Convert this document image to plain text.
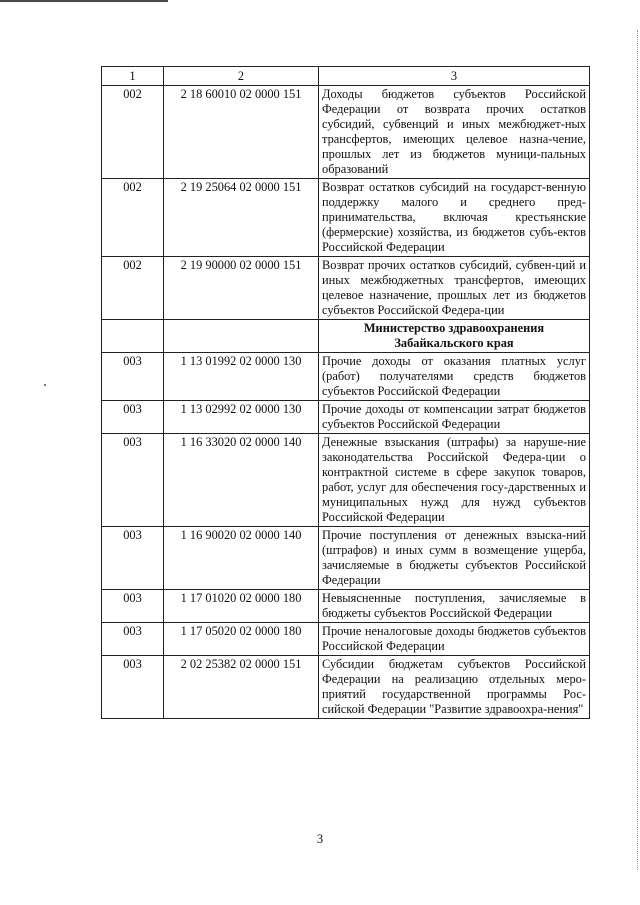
1	2	3
002	2 18 60010 02 0000 151	Доходы бюджетов субъектов Российской Федерации от возврата прочих остатков субсидий, субвенций и иных межбюджет-ных трансфертов, имеющих целевое назна-чение, прошлых лет из бюджетов муници-пальных образований
002	2 19 25064 02 0000 151	Возврат остатков субсидий на государст-венную поддержку малого и среднего пред-принимательства, включая крестьянские (фермерские) хозяйства, из бюджетов субъ-ектов Российской Федерации
002	2 19 90000 02 0000 151	Возврат прочих остатков субсидий, субвен-ций и иных межбюджетных трансфертов, имеющих целевое назначение, прошлых лет из бюджетов субъектов Российской Федера-ции
		Министерство здравоохранения
Забайкальского края
003	1 13 01992 02 0000 130	Прочие доходы от оказания платных услуг (работ) получателями средств бюджетов субъектов Российской Федерации
003	1 13 02992 02 0000 130	Прочие доходы от компенсации затрат бюджетов субъектов Российской Федерации
003	1 16 33020 02 0000 140	Денежные взыскания (штрафы) за наруше-ние законодательства Российской Федера-ции о контрактной системе в сфере закупок товаров, работ, услуг для обеспечения госу-дарственных и муниципальных нужд для нужд субъектов Российской Федерации
003	1 16 90020 02 0000 140	Прочие поступления от денежных взыска-ний (штрафов) и иных сумм в возмещение ущерба, зачисляемые в бюджеты субъектов Российской Федерации
003	1 17 01020 02 0000 180	Невыясненные поступления, зачисляемые в бюджеты субъектов Российской Федерации
003	1 17 05020 02 0000 180	Прочие неналоговые доходы бюджетов субъектов Российской Федерации
003	2 02 25382 02 0000 151	Субсидии бюджетам субъектов Российской Федерации на реализацию отдельных меро-приятий государственной программы Рос-сийской Федерации "Развитие здравоохра-нения"
3
